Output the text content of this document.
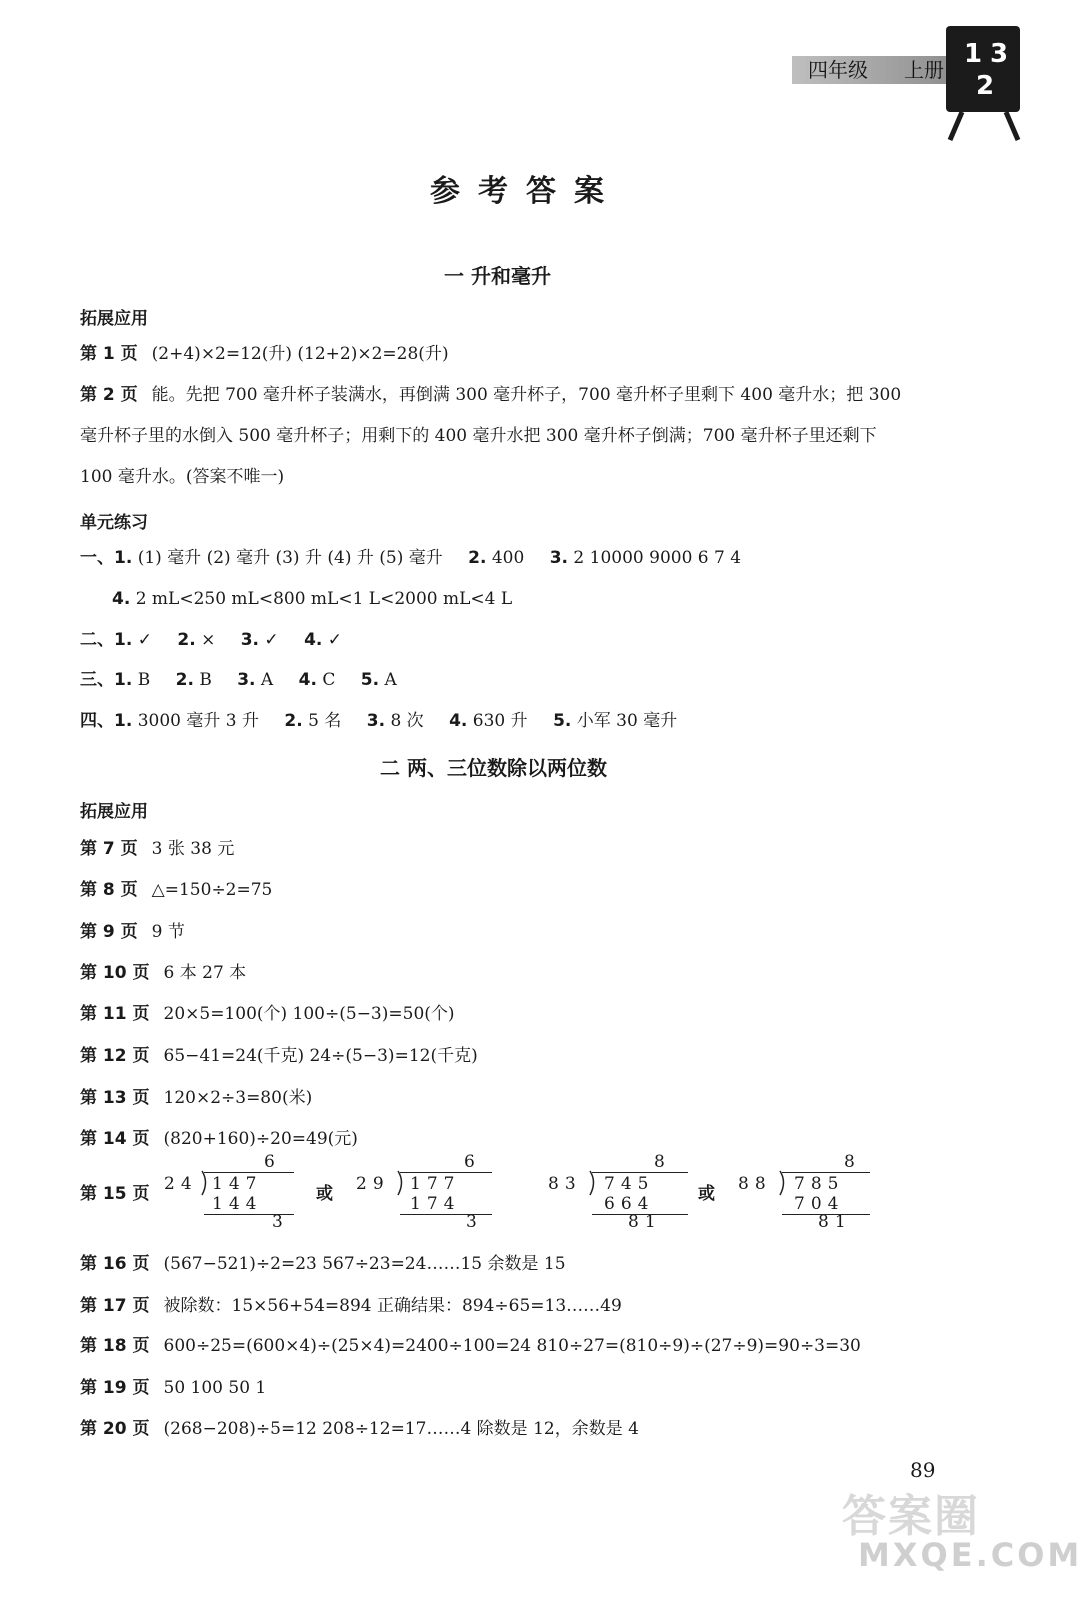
四年级 上册
1 3
2
参考答案
一 升和毫升
拓展应用
第 1 页 (2+4)×2=12(升) (12+2)×2=28(升)
第 2 页 能。先把 700 毫升杯子装满水，再倒满 300 毫升杯子，700 毫升杯子里剩下 400 毫升水；把 300
毫升杯子里的水倒入 500 毫升杯子；用剩下的 400 毫升水把 300 毫升杯子倒满；700 毫升杯子里还剩下
100 毫升水。(答案不唯一)
单元练习
一、1. (1) 毫升 (2) 毫升 (3) 升 (4) 升 (5) 毫升 2. 400 3. 2 10000 9000 6 7 4
4. 2 mL<250 mL<800 mL<1 L<2000 mL<4 L
二、1. ✓ 2. × 3. ✓ 4. ✓
三、1. B 2. B 3. A 4. C 5. A
四、1. 3000 毫升 3 升 2. 5 名 3. 8 次 4. 630 升 5. 小军 30 毫升
二 两、三位数除以两位数
拓展应用
第 7 页 3 张 38 元
第 8 页 △=150÷2=75
第 9 页 9 节
第 10 页 6 本 27 本
第 11 页 20×5=100(个) 100÷(5−3)=50(个)
第 12 页 65−41=24(千克) 24÷(5−3)=12(千克)
第 13 页 120×2÷3=80(米)
第 14 页 (820+160)÷20=49(元)
第 15 页
6
24 147
144
3
或
6
29 177
174
3
8
83 745
664
81
或
8
88 785
704
81
第 16 页 (567−521)÷2=23 567÷23=24……15 余数是 15
第 17 页 被除数：15×56+54=894 正确结果：894÷65=13……49
第 18 页 600÷25=(600×4)÷(25×4)=2400÷100=24 810÷27=(810÷9)÷(27÷9)=90÷3=30
第 19 页 50 100 50 1
第 20 页 (268−208)÷5=12 208÷12=17……4 除数是 12，余数是 4
89
答案圈
MXQE.COM
